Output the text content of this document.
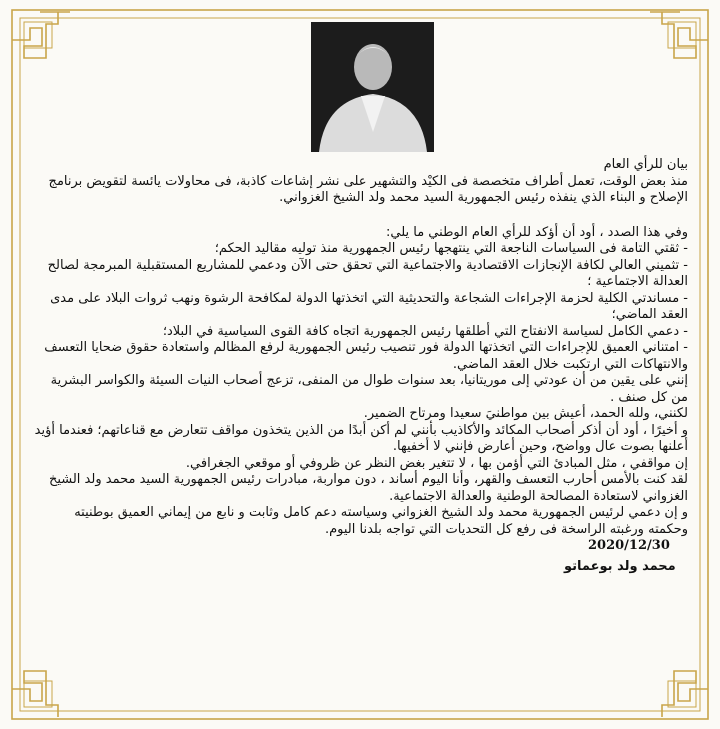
بيان للرأي العام

منذ بعض الوقت، تعمل أطراف متخصصة فى الكيْد والتشهير على نشر إشاعات كاذبة، فى محاولات يائسة لتقويض برنامج الإصلاح و البناء الذي ينفذه رئيس الجمهورية السيد محمد ولد الشيخ الغزواني.

وفي هذا الصدد ، أود أن أؤكد للرأي العام الوطني ما يلي:

- ثقتي التامة فى السياسات الناجعة التي ينتهجها رئيس الجمهورية منذ توليه مقاليد الحكم؛

- تثميني العالي لكافة الإنجازات الاقتصادية والاجتماعية التي تحقق حتى الآن ودعمي للمشاريع المستقبلية المبرمجة لصالح العدالة الاجتماعية ؛

- مساندتي الكلية لحزمة الإجراءات الشجاعة والتحديثية التي اتخذتها الدولة لمكافحة الرشوة ونهب ثروات البلاد على مدى العقد الماضي؛

- دعمي الكامل لسياسة الانفتاح التي أطلقها رئيس الجمهورية اتجاه كافة القوى السياسية في البلاد؛

- امتناني العميق للإجراءات التي اتخذتها الدولة فور تنصيب رئيس الجمهورية لرفع المظالم واستعادة حقوق ضحايا التعسف والانتهاكات التي ارتكبت خلال العقد الماضي.

إنني على يقين من أن عودتي إلى موريتانيا، بعد سنوات طوال من المنفى، تزعج أصحاب النيات السيئة والكواسر البشرية من كل صنف .

لكنني، ولله الحمد، أعيش بين مواطنيَ سعيدا ومرتاح الضمير.

و أخيرًا ، أود أن أذكر أصحاب المكائد والأكاذيب بأنني لم أكن أبدًا من الذين يتخذون مواقف تتعارض مع قناعاتهم؛ فعندما أؤيد أعلنها بصوت عال وواضح، وحين أعارض فإنني لا أخفيها.

إن مواقفي ، مثل المبادئ التي أؤمن بها ، لا تتغير بغض النظر عن ظروفي أو موقعي الجغرافي.

لقد كنت بالأمس أحارب التعسف والقهر، وأنا اليوم أساند ، دون مواربة، مبادرات رئيس الجمهورية السيد محمد ولد الشيخ الغزواني لاستعادة المصالحة الوطنية والعدالة الاجتماعية.

و إن دعمي لرئيس الجمهورية محمد ولد الشيخ الغزواني وسياسته دعم كامل وثابت و نابع من إيماني العميق بوطنيته وحكمته ورغبته الراسخة فى رفع كل التحديات التي تواجه بلدنا اليوم.

2020/12/30

محمد ولد بوعماتو
